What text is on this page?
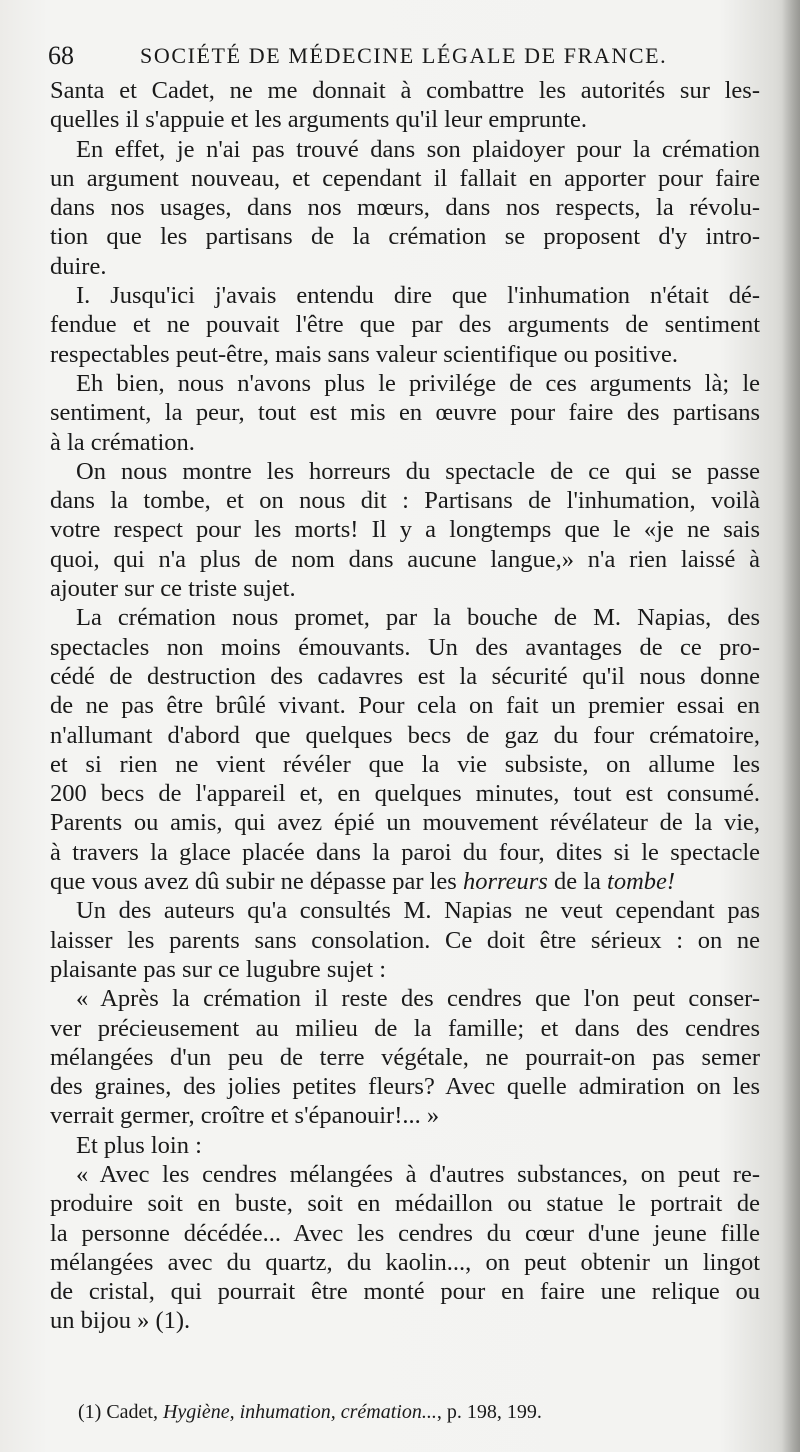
68	SOCIÉTÉ DE MÉDECINE LÉGALE DE FRANCE.

Santa et Cadet, ne me donnait à combattre les autorités sur les-
quelles il s'appuie et les arguments qu'il leur emprunte.

En effet, je n'ai pas trouvé dans son plaidoyer pour la crémation
un argument nouveau, et cependant il fallait en apporter pour faire
dans nos usages, dans nos mœurs, dans nos respects, la révolu-
tion que les partisans de la crémation se proposent d'y intro-
duire.

I. Jusqu'ici j'avais entendu dire que l'inhumation n'était dé-
fendue et ne pouvait l'être que par des arguments de sentiment
respectables peut-être, mais sans valeur scientifique ou positive.

Eh bien, nous n'avons plus le privilége de ces arguments là; le
sentiment, la peur, tout est mis en œuvre pour faire des partisans
à la crémation.

On nous montre les horreurs du spectacle de ce qui se passe
dans la tombe, et on nous dit : Partisans de l'inhumation, voilà
votre respect pour les morts! Il y a longtemps que le «je ne sais
quoi, qui n'a plus de nom dans aucune langue,» n'a rien laissé à
ajouter sur ce triste sujet.

La crémation nous promet, par la bouche de M. Napias, des
spectacles non moins émouvants. Un des avantages de ce pro-
cédé de destruction des cadavres est la sécurité qu'il nous donne
de ne pas être brûlé vivant. Pour cela on fait un premier essai en
n'allumant d'abord que quelques becs de gaz du four crématoire,
et si rien ne vient révéler que la vie subsiste, on allume les
200 becs de l'appareil et, en quelques minutes, tout est consumé.
Parents ou amis, qui avez épié un mouvement révélateur de la vie,
à travers la glace placée dans la paroi du four, dites si le spectacle
que vous avez dû subir ne dépasse par les horreurs de la tombe!

Un des auteurs qu'a consultés M. Napias ne veut cependant pas
laisser les parents sans consolation. Ce doit être sérieux : on ne
plaisante pas sur ce lugubre sujet :

« Après la crémation il reste des cendres que l'on peut conser-
ver précieusement au milieu de la famille; et dans des cendres
mélangées d'un peu de terre végétale, ne pourrait-on pas semer
des graines, des jolies petites fleurs? Avec quelle admiration on les
verrait germer, croître et s'épanouir!... »

Et plus loin :

« Avec les cendres mélangées à d'autres substances, on peut re-
produire soit en buste, soit en médaillon ou statue le portrait de
la personne décédée... Avec les cendres du cœur d'une jeune fille
mélangées avec du quartz, du kaolin..., on peut obtenir un lingot
de cristal, qui pourrait être monté pour en faire une relique ou
un bijou » (1).

(1) Cadet, Hygiène, inhumation, crémation..., p. 198, 199.
